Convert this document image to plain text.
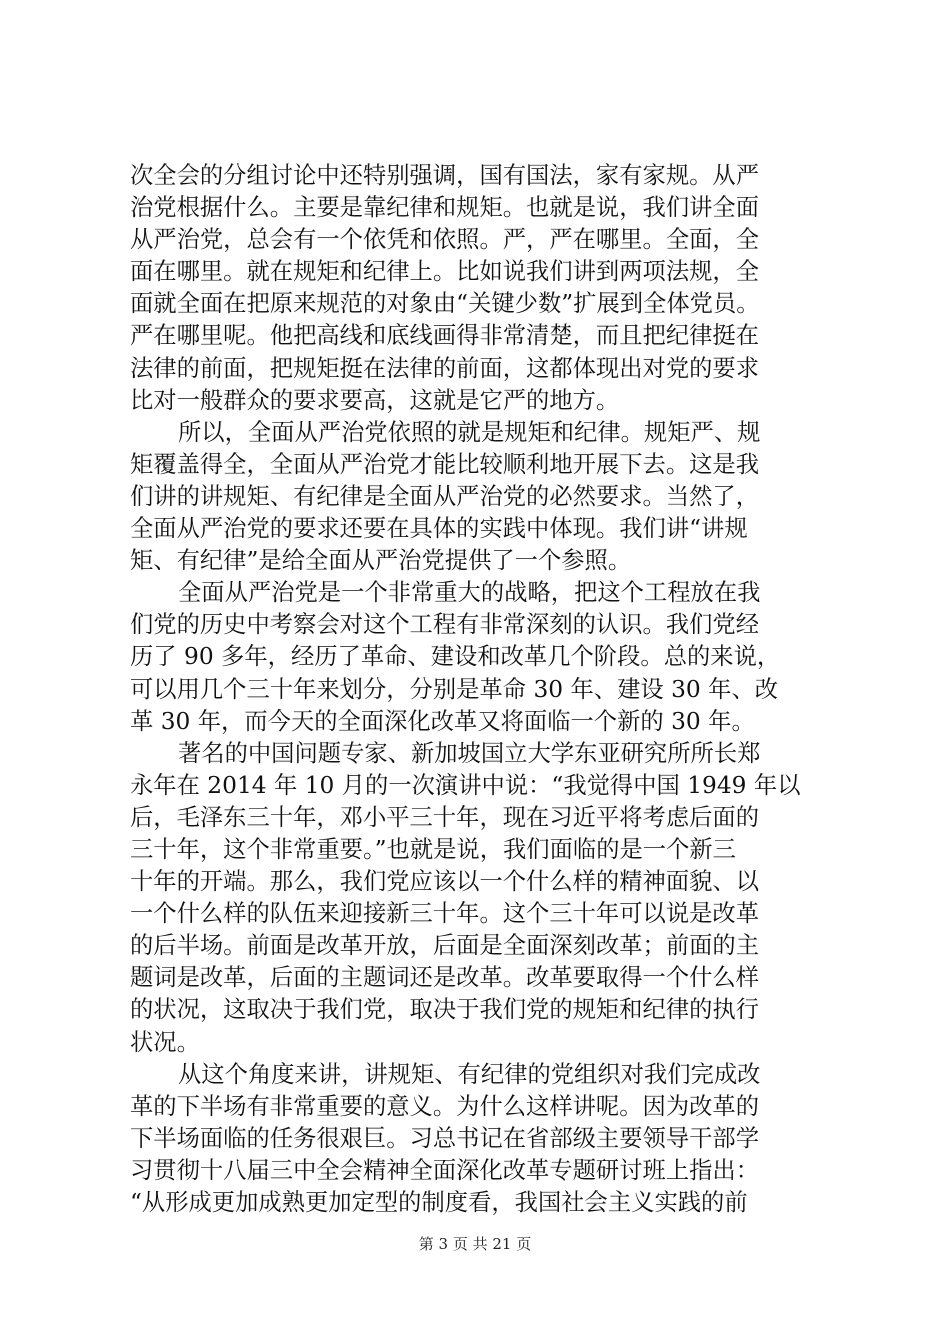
次全会的分组讨论中还特别强调，国有国法，家有家规。从严
治党根据什么。主要是靠纪律和规矩。也就是说，我们讲全面
从严治党，总会有一个依凭和依照。严，严在哪里。全面，全
面在哪里。就在规矩和纪律上。比如说我们讲到两项法规，全
面就全面在把原来规范的对象由“关键少数”扩展到全体党员。
严在哪里呢。他把高线和底线画得非常清楚，而且把纪律挺在
法律的前面，把规矩挺在法律的前面，这都体现出对党的要求
比对一般群众的要求要高，这就是它严的地方。
所以，全面从严治党依照的就是规矩和纪律。规矩严、规
矩覆盖得全，全面从严治党才能比较顺利地开展下去。这是我
们讲的讲规矩、有纪律是全面从严治党的必然要求。当然了，
全面从严治党的要求还要在具体的实践中体现。我们讲“讲规
矩、有纪律”是给全面从严治党提供了一个参照。
全面从严治党是一个非常重大的战略，把这个工程放在我
们党的历史中考察会对这个工程有非常深刻的认识。我们党经
历了 90 多年，经历了革命、建设和改革几个阶段。总的来说，
可以用几个三十年来划分，分别是革命 30 年、建设 30 年、改
革 30 年，而今天的全面深化改革又将面临一个新的 30 年。
著名的中国问题专家、新加坡国立大学东亚研究所所长郑
永年在 2014 年 10 月的一次演讲中说：“我觉得中国 1949 年以
后，毛泽东三十年，邓小平三十年，现在习近平将考虑后面的
三十年，这个非常重要。”也就是说，我们面临的是一个新三
十年的开端。那么，我们党应该以一个什么样的精神面貌、以
一个什么样的队伍来迎接新三十年。这个三十年可以说是改革
的后半场。前面是改革开放，后面是全面深刻改革；前面的主
题词是改革，后面的主题词还是改革。改革要取得一个什么样
的状况，这取决于我们党，取决于我们党的规矩和纪律的执行
状况。
从这个角度来讲，讲规矩、有纪律的党组织对我们完成改
革的下半场有非常重要的意义。为什么这样讲呢。因为改革的
下半场面临的任务很艰巨。习总书记在省部级主要领导干部学
习贯彻十八届三中全会精神全面深化改革专题研讨班上指出：
“从形成更加成熟更加定型的制度看，我国社会主义实践的前
第 3 页 共 21 页
